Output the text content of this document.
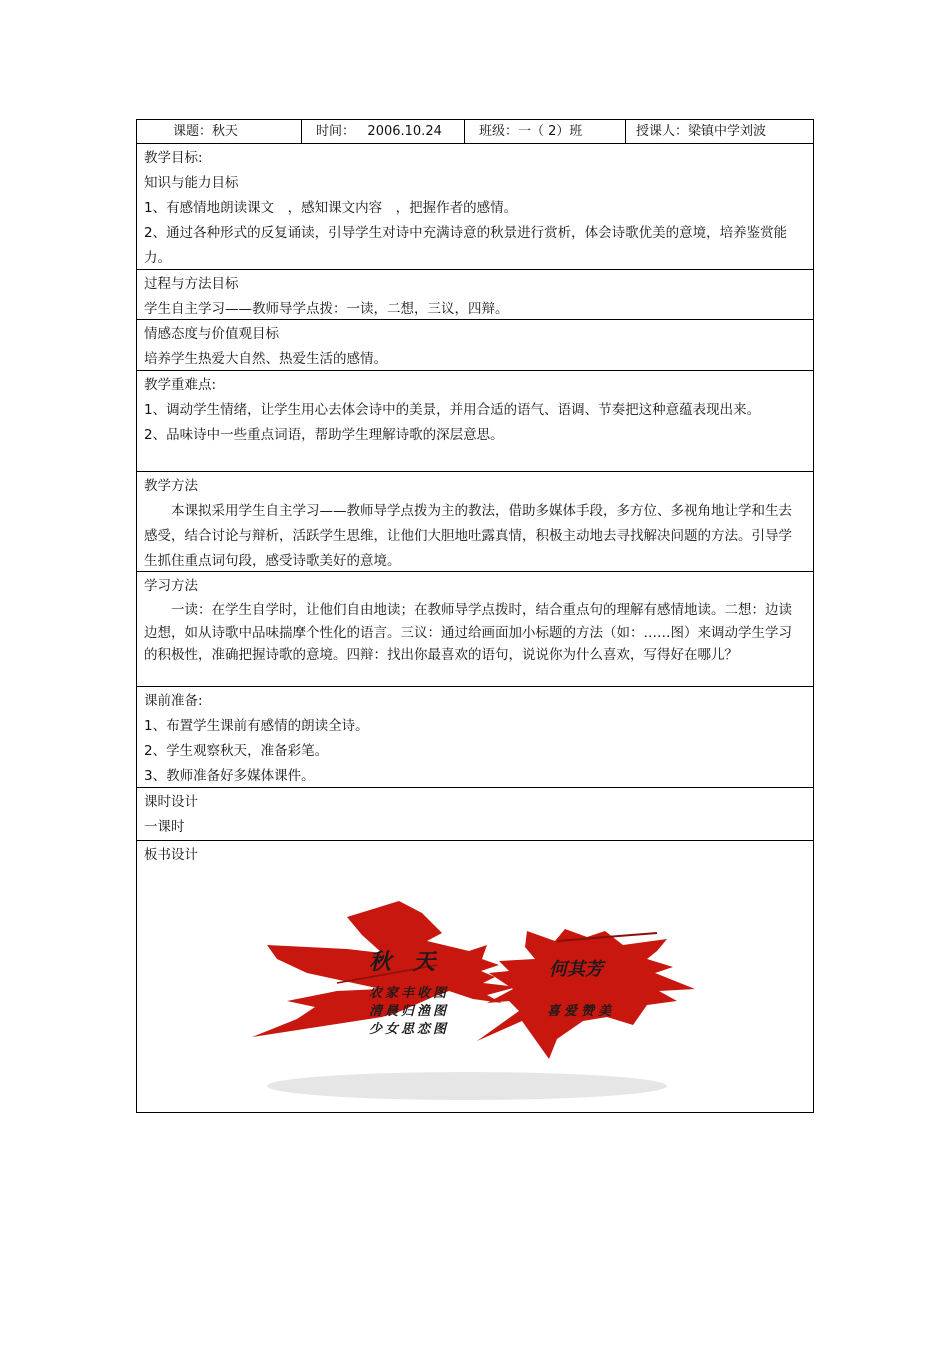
课题：秋天	时间： 2006.10.24	班级：一（ 2）班	授课人：梁镇中学刘波
教学目标:
知识与能力目标
1、有感情地朗读课文　，感知课文内容　，把握作者的感情。
2、通过各种形式的反复诵读，引导学生对诗中充满诗意的秋景进行赏析，体会诗歌优美的意境，培养鉴赏能力。
过程与方法目标
学生自主学习——教师导学点拨：一读，二想，三议，四辩。
情感态度与价值观目标
培养学生热爱大自然、热爱生活的感情。
教学重难点:
1、调动学生情绪，让学生用心去体会诗中的美景，并用合适的语气、语调、节奏把这种意蕴表现出来。
2、品味诗中一些重点词语，帮助学生理解诗歌的深层意思。
教学方法
本课拟采用学生自主学习——教师导学点拨为主的教法，借助多媒体手段，多方位、多视角地让学和生去感受，结合讨论与辩析，活跃学生思维，让他们大胆地吐露真情，积极主动地去寻找解决问题的方法。引导学生抓住重点词句段，感受诗歌美好的意境。
学习方法
一读：在学生自学时，让他们自由地读；在教师导学点拨时，结合重点句的理解有感情地读。二想：边读边想，如从诗歌中品味揣摩个性化的语言。三议：通过给画面加小标题的方法（如：……图）来调动学生学习的积极性，准确把握诗歌的意境。四辩：找出你最喜欢的语句，说说你为什么喜欢，写得好在哪儿？
课前准备:
1、布置学生课前有感情的朗读全诗。
2、学生观察秋天，准备彩笔。
3、教师准备好多媒体课件。
课时设计
一课时
板书设计
秋　天	何其芳
农家丰收图
清晨归渔图
少女思恋图
喜爱赞美
